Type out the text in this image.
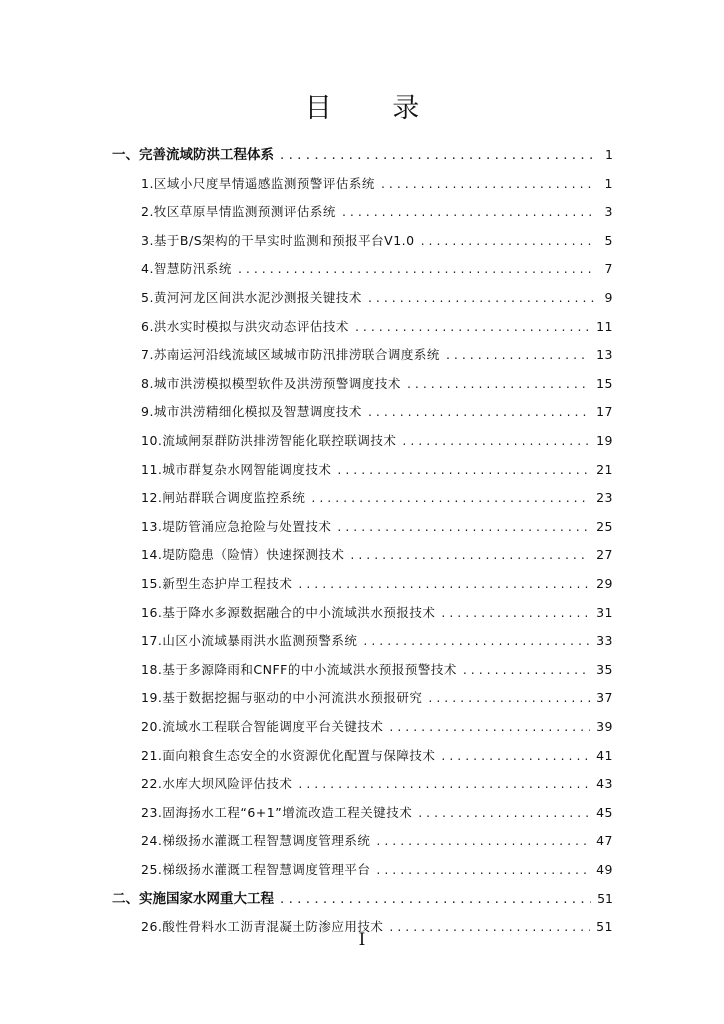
目 录
一、完善流域防洪工程体系 . . .	1
1.区域小尺度旱情遥感监测预警评估系统 . . .	1
2.牧区草原旱情监测预测评估系统 . . .	3
3.基于B/S架构的干旱实时监测和预报平台V1.0 . . .	5
4.智慧防汛系统 . . .	7
5.黄河河龙区间洪水泥沙测报关键技术 . . .	9
6.洪水实时模拟与洪灾动态评估技术 . . .	11
7.苏南运河沿线流域区域城市防汛排涝联合调度系统 . . .	13
8.城市洪涝模拟模型软件及洪涝预警调度技术 . . .	15
9.城市洪涝精细化模拟及智慧调度技术 . . .	17
10.流域闸泵群防洪排涝智能化联控联调技术 . . .	19
11.城市群复杂水网智能调度技术 . . .	21
12.闸站群联合调度监控系统 . . .	23
13.堤防管涌应急抢险与处置技术 . . .	25
14.堤防隐患（险情）快速探测技术 . . .	27
15.新型生态护岸工程技术 . . .	29
16.基于降水多源数据融合的中小流域洪水预报技术 . . .	31
17.山区小流域暴雨洪水监测预警系统 . . .	33
18.基于多源降雨和CNFF的中小流域洪水预报预警技术 . . .	35
19.基于数据挖掘与驱动的中小河流洪水预报研究 . . .	37
20.流域水工程联合智能调度平台关键技术 . . .	39
21.面向粮食生态安全的水资源优化配置与保障技术 . . .	41
22.水库大坝风险评估技术 . . .	43
23.固海扬水工程“6+1”增流改造工程关键技术 . . .	45
24.梯级扬水灌溉工程智慧调度管理系统 . . .	47
25.梯级扬水灌溉工程智慧调度管理平台 . . .	49
二、实施国家水网重大工程 . . .	51
26.酸性骨料水工沥青混凝土防渗应用技术 . . .	51
I
